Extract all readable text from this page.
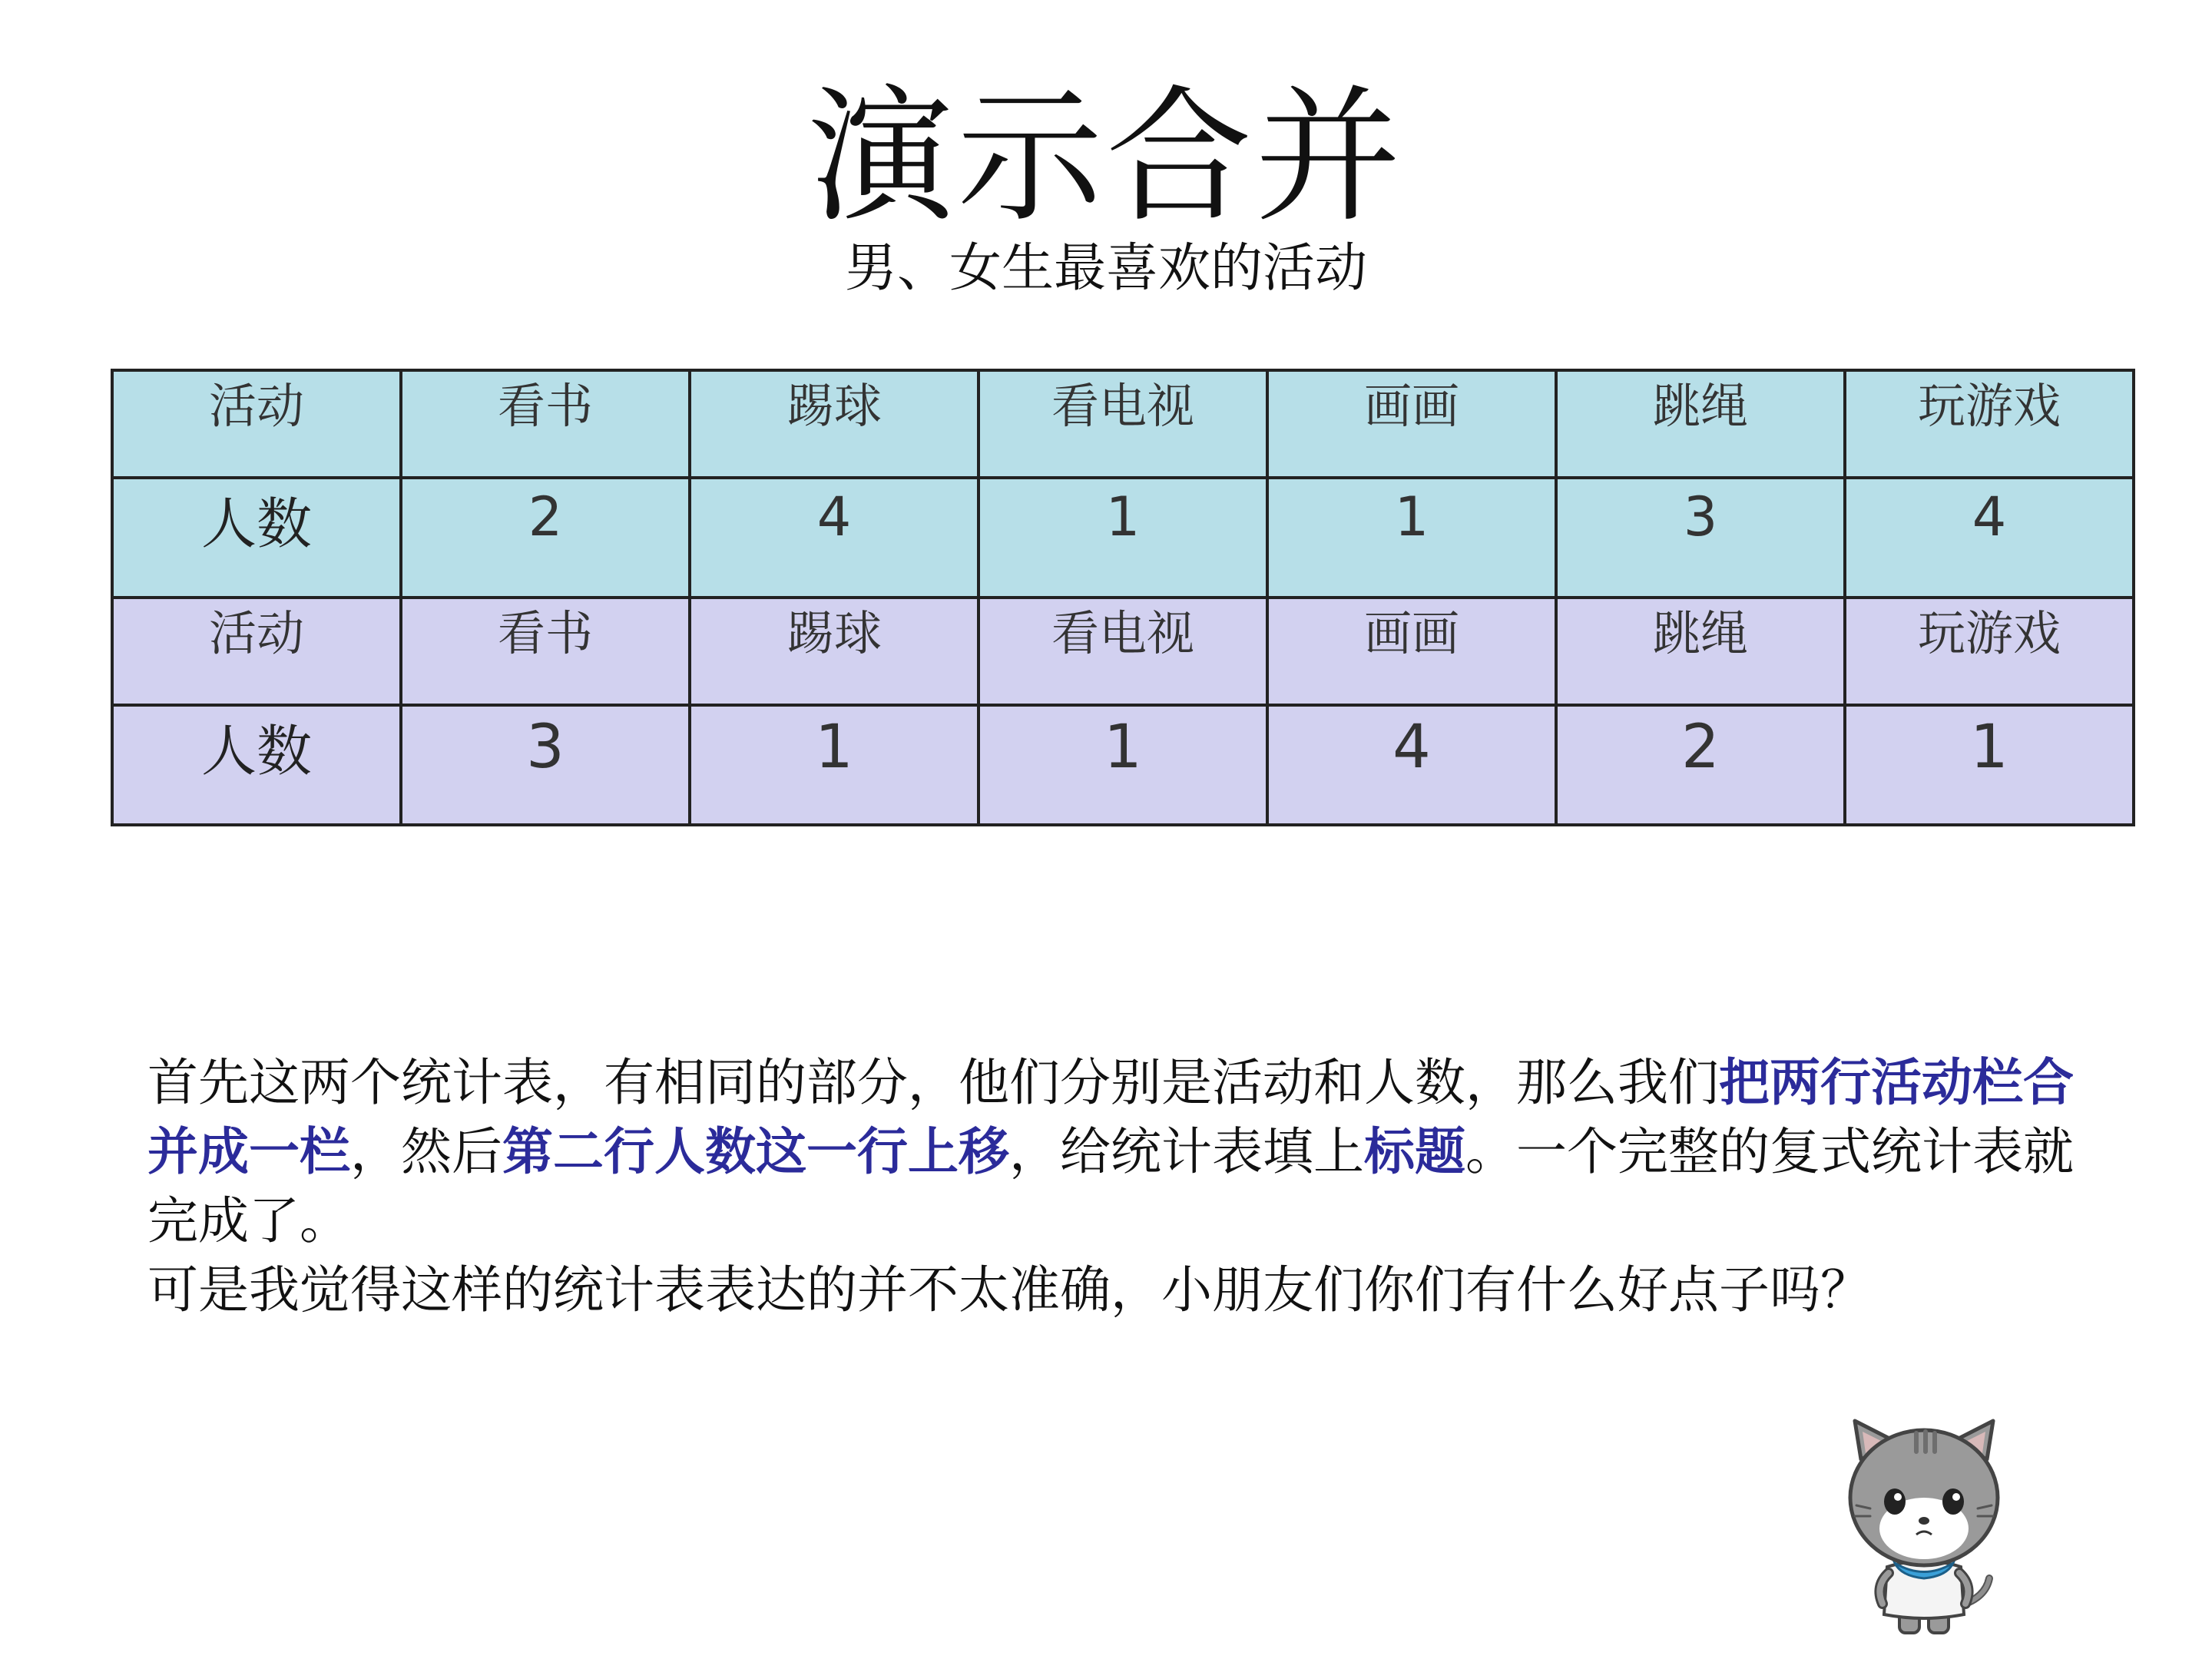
演示合并
男、女生最喜欢的活动
活动	看书	踢球	看电视	画画	跳绳	玩游戏

人数	2	4	1	1	3	4

活动	看书	踢球	看电视	画画	跳绳	玩游戏

人数	3	1	1	4	2	1

首先这两个统计表，有相同的部分，他们分别是活动和人数，那么我们把两行活动栏合并成一栏，然后第二行人数这一行上移，给统计表填上标题。一个完整的复式统计表就完成了。

可是我觉得这样的统计表表达的并不太准确，小朋友们你们有什么好点子吗？
